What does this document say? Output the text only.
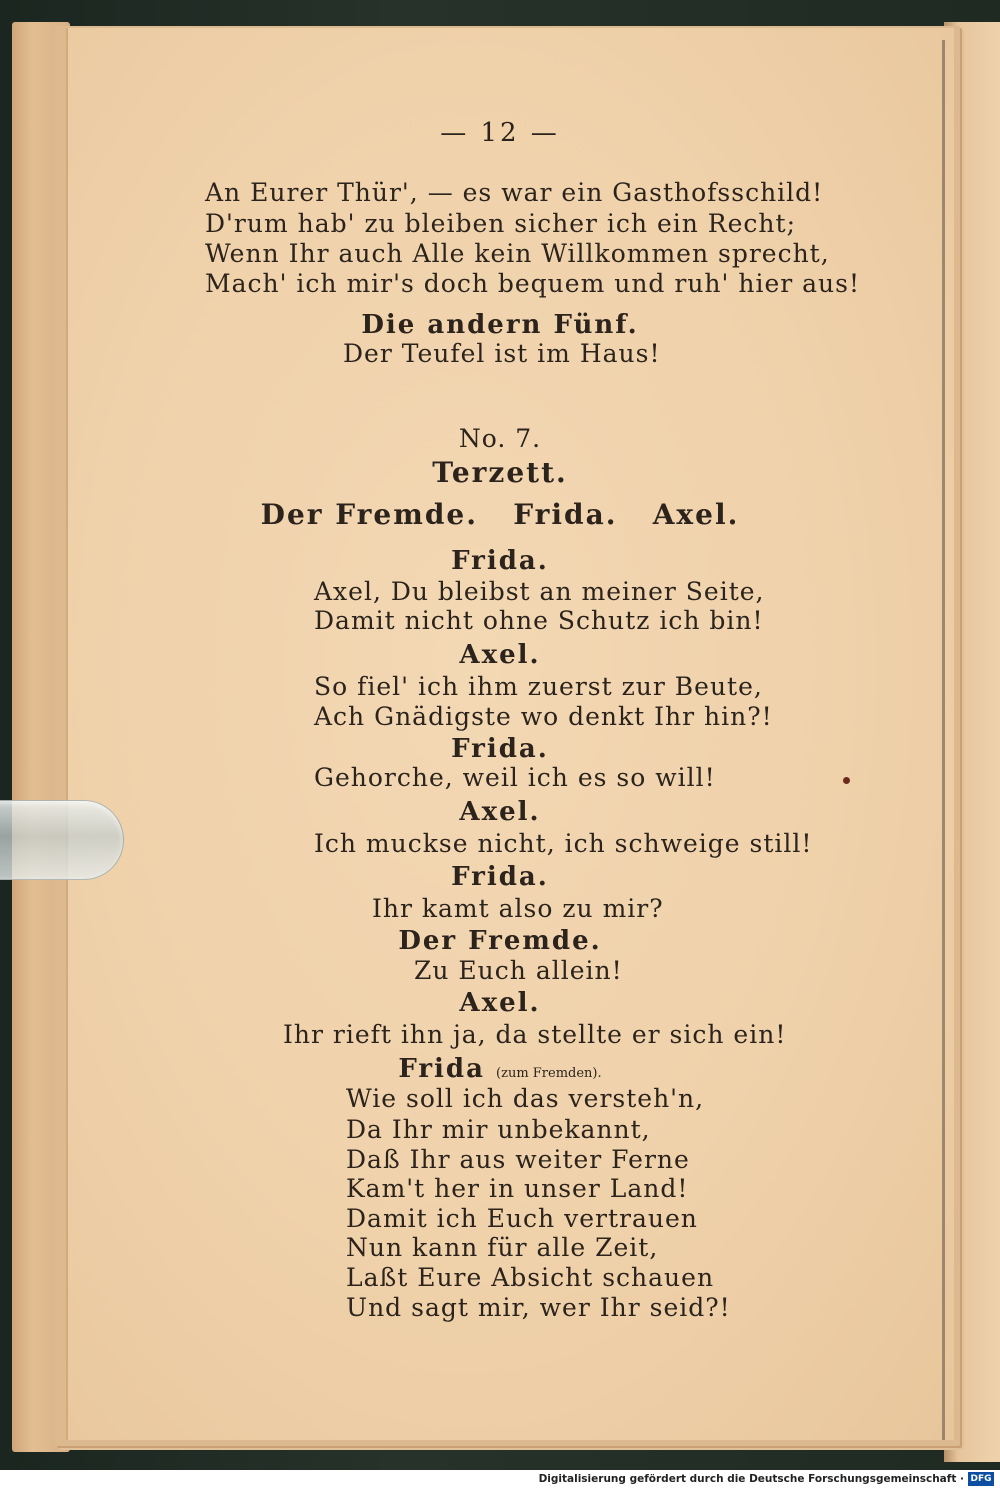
— 12 —
An Eurer Thür', — es war ein Gasthofsschild!
D'rum hab' zu bleiben sicher ich ein Recht;
Wenn Ihr auch Alle kein Willkommen sprecht,
Mach' ich mir's doch bequem und ruh' hier aus!
Die andern Fünf.
Der Teufel ist im Haus!
No. 7.
Terzett.
Der Fremde.   Frida.   Axel.
Frida.
Axel, Du bleibst an meiner Seite,
Damit nicht ohne Schutz ich bin!
Axel.
So fiel' ich ihm zuerst zur Beute,
Ach Gnädigste wo denkt Ihr hin?!
Frida.
Gehorche, weil ich es so will!
Axel.
Ich muckse nicht, ich schweige still!
Frida.
Ihr kamt also zu mir?
Der Fremde.
Zu Euch allein!
Axel.
Ihr rieft ihn ja, da stellte er sich ein!
Frida (zum Fremden).
Wie soll ich das versteh'n,
Da Ihr mir unbekannt,
Daß Ihr aus weiter Ferne
Kam't her in unser Land!
Damit ich Euch vertrauen
Nun kann für alle Zeit,
Laßt Eure Absicht schauen
Und sagt mir, wer Ihr seid?!
Digitalisierung gefördert durch die Deutsche Forschungsgemeinschaft · DFG
